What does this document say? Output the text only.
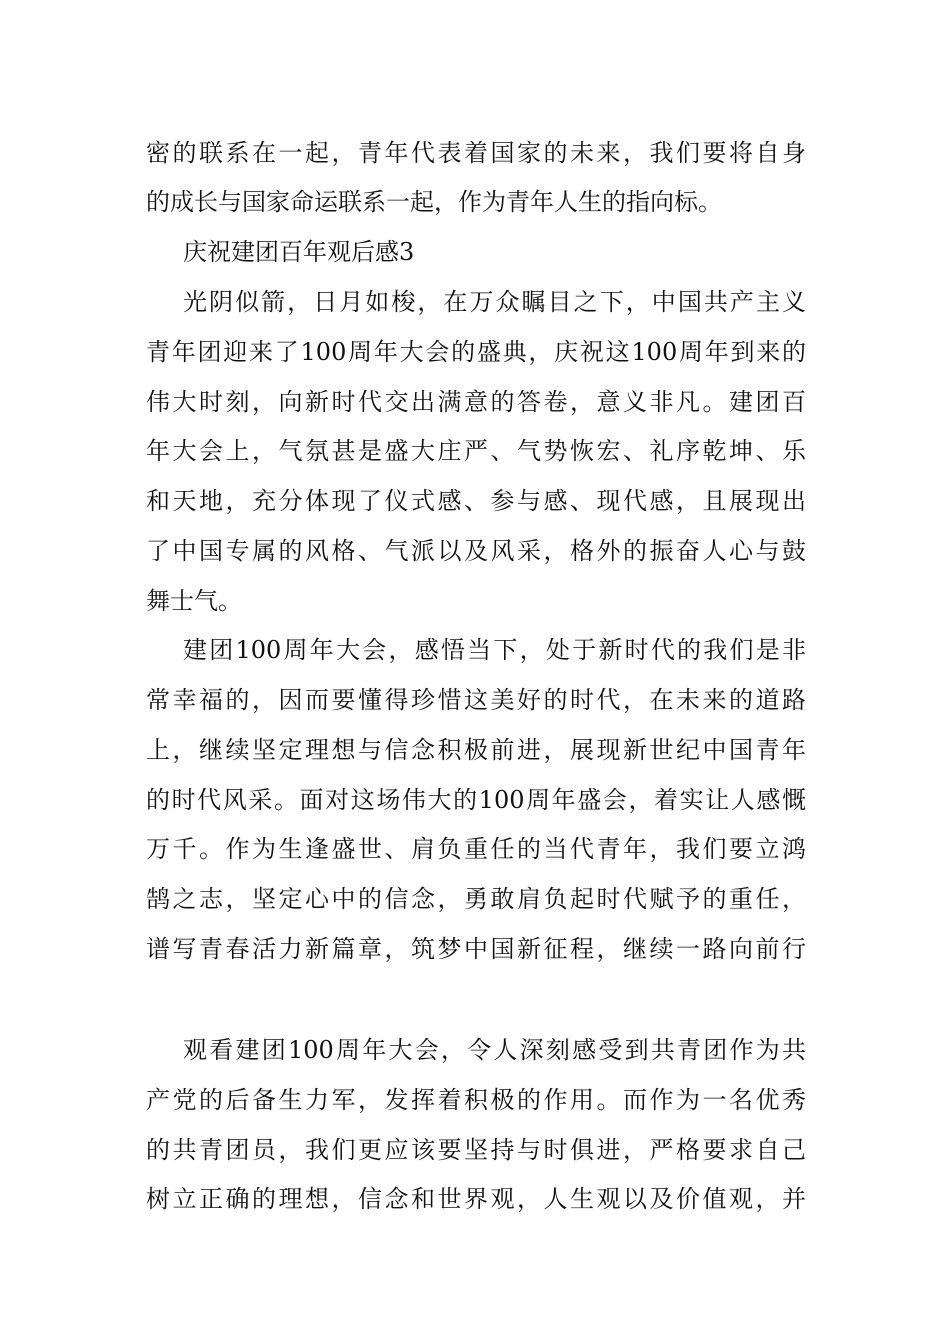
密的联系在一起，青年代表着国家的未来，我们要将自身
的成长与国家命运联系一起，作为青年人生的指向标。
庆祝建团百年观后感3
光阴似箭，日月如梭，在万众瞩目之下，中国共产主义
青年团迎来了100周年大会的盛典，庆祝这100周年到来的
伟大时刻，向新时代交出满意的答卷，意义非凡。建团百
年大会上，气氛甚是盛大庄严、气势恢宏、礼序乾坤、乐
和天地，充分体现了仪式感、参与感、现代感，且展现出
了中国专属的风格、气派以及风采，格外的振奋人心与鼓
舞士气。
建团100周年大会，感悟当下，处于新时代的我们是非
常幸福的，因而要懂得珍惜这美好的时代，在未来的道路
上，继续坚定理想与信念积极前进，展现新世纪中国青年
的时代风采。面对这场伟大的100周年盛会，着实让人感慨
万千。作为生逢盛世、肩负重任的当代青年，我们要立鸿
鹄之志，坚定心中的信念，勇敢肩负起时代赋予的重任，
谱写青春活力新篇章，筑梦中国新征程，继续一路向前行
观看建团100周年大会，令人深刻感受到共青团作为共
产党的后备生力军，发挥着积极的作用。而作为一名优秀
的共青团员，我们更应该要坚持与时俱进，严格要求自己
树立正确的理想，信念和世界观，人生观以及价值观，并
